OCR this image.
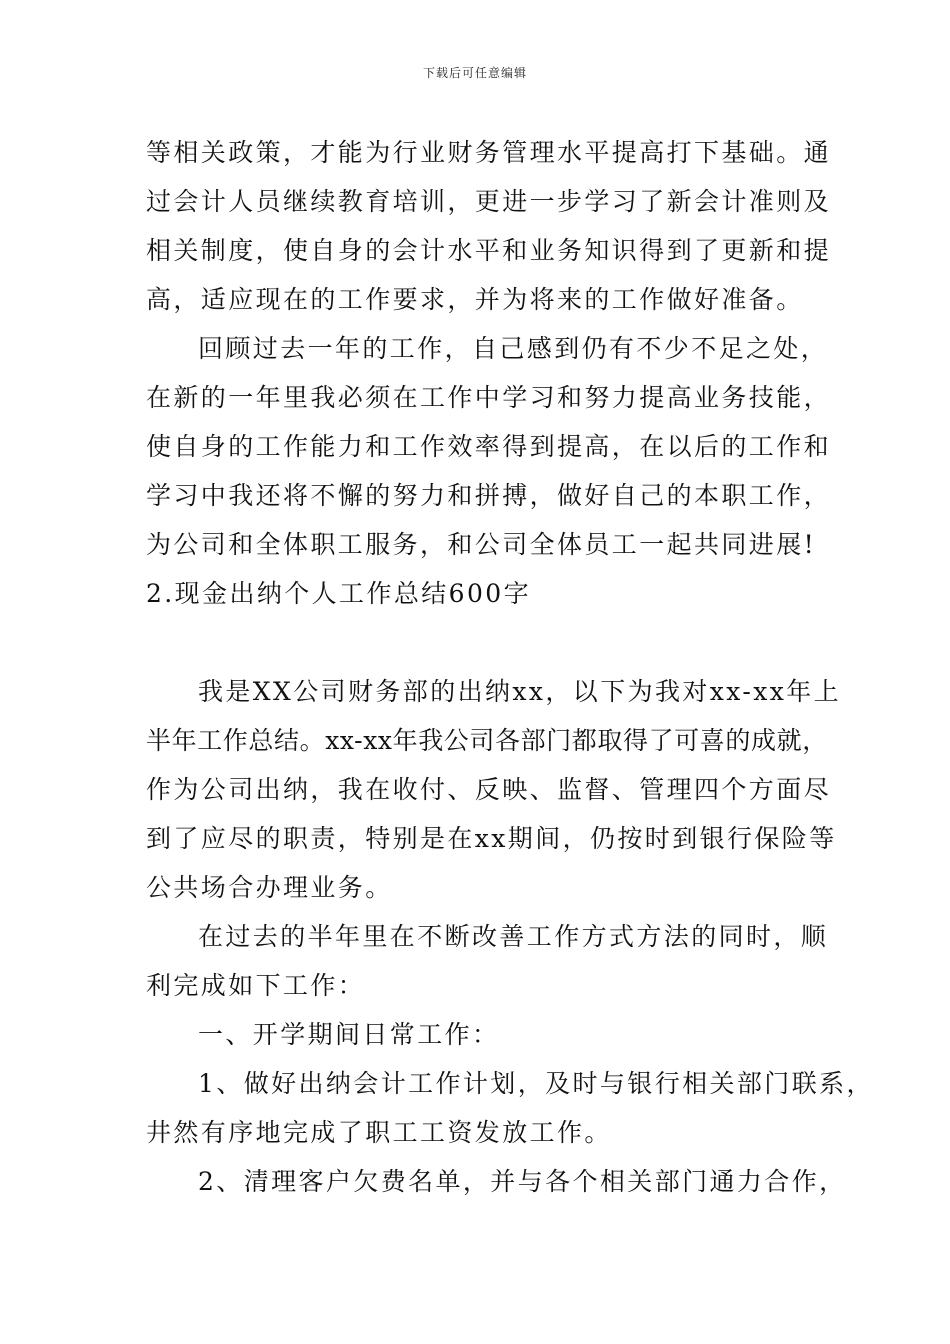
下载后可任意编辑
等相关政策，才能为行业财务管理水平提高打下基础。通
过会计人员继续教育培训，更进一步学习了新会计准则及
相关制度，使自身的会计水平和业务知识得到了更新和提
高，适应现在的工作要求，并为将来的工作做好准备。
回顾过去一年的工作，自己感到仍有不少不足之处，
在新的一年里我必须在工作中学习和努力提高业务技能，
使自身的工作能力和工作效率得到提高，在以后的工作和
学习中我还将不懈的努力和拼搏，做好自己的本职工作，
为公司和全体职工服务，和公司全体员工一起共同进展!
2.现金出纳个人工作总结600字
我是XX公司财务部的出纳xx，以下为我对xx-xx年上
半年工作总结。xx-xx年我公司各部门都取得了可喜的成就，
作为公司出纳，我在收付、反映、监督、管理四个方面尽
到了应尽的职责，特别是在xx期间，仍按时到银行保险等
公共场合办理业务。
在过去的半年里在不断改善工作方式方法的同时，顺
利完成如下工作：
一、开学期间日常工作：
1、做好出纳会计工作计划，及时与银行相关部门联系，
井然有序地完成了职工工资发放工作。
2、清理客户欠费名单，并与各个相关部门通力合作，
